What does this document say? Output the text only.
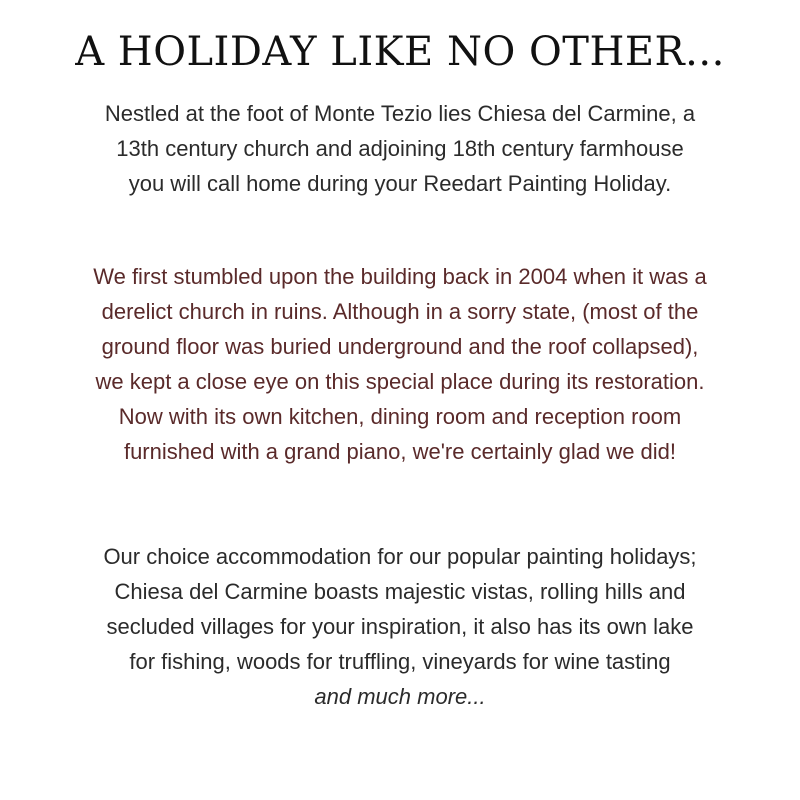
A HOLIDAY LIKE NO OTHER...

Nestled at the foot of Monte Tezio lies Chiesa del Carmine, a
13th century church and adjoining 18th century farmhouse
you will call home during your Reedart Painting Holiday.

We first stumbled upon the building back in 2004 when it was a
derelict church in ruins. Although in a sorry state, (most of the
ground floor was buried underground and the roof collapsed),
we kept a close eye on this special place during its restoration.
Now with its own kitchen, dining room and reception room
furnished with a grand piano, we're certainly glad we did!

Our choice accommodation for our popular painting holidays;
Chiesa del Carmine boasts majestic vistas, rolling hills and
secluded villages for your inspiration, it also has its own lake
for fishing, woods for truffling, vineyards for wine tasting
and much more...
